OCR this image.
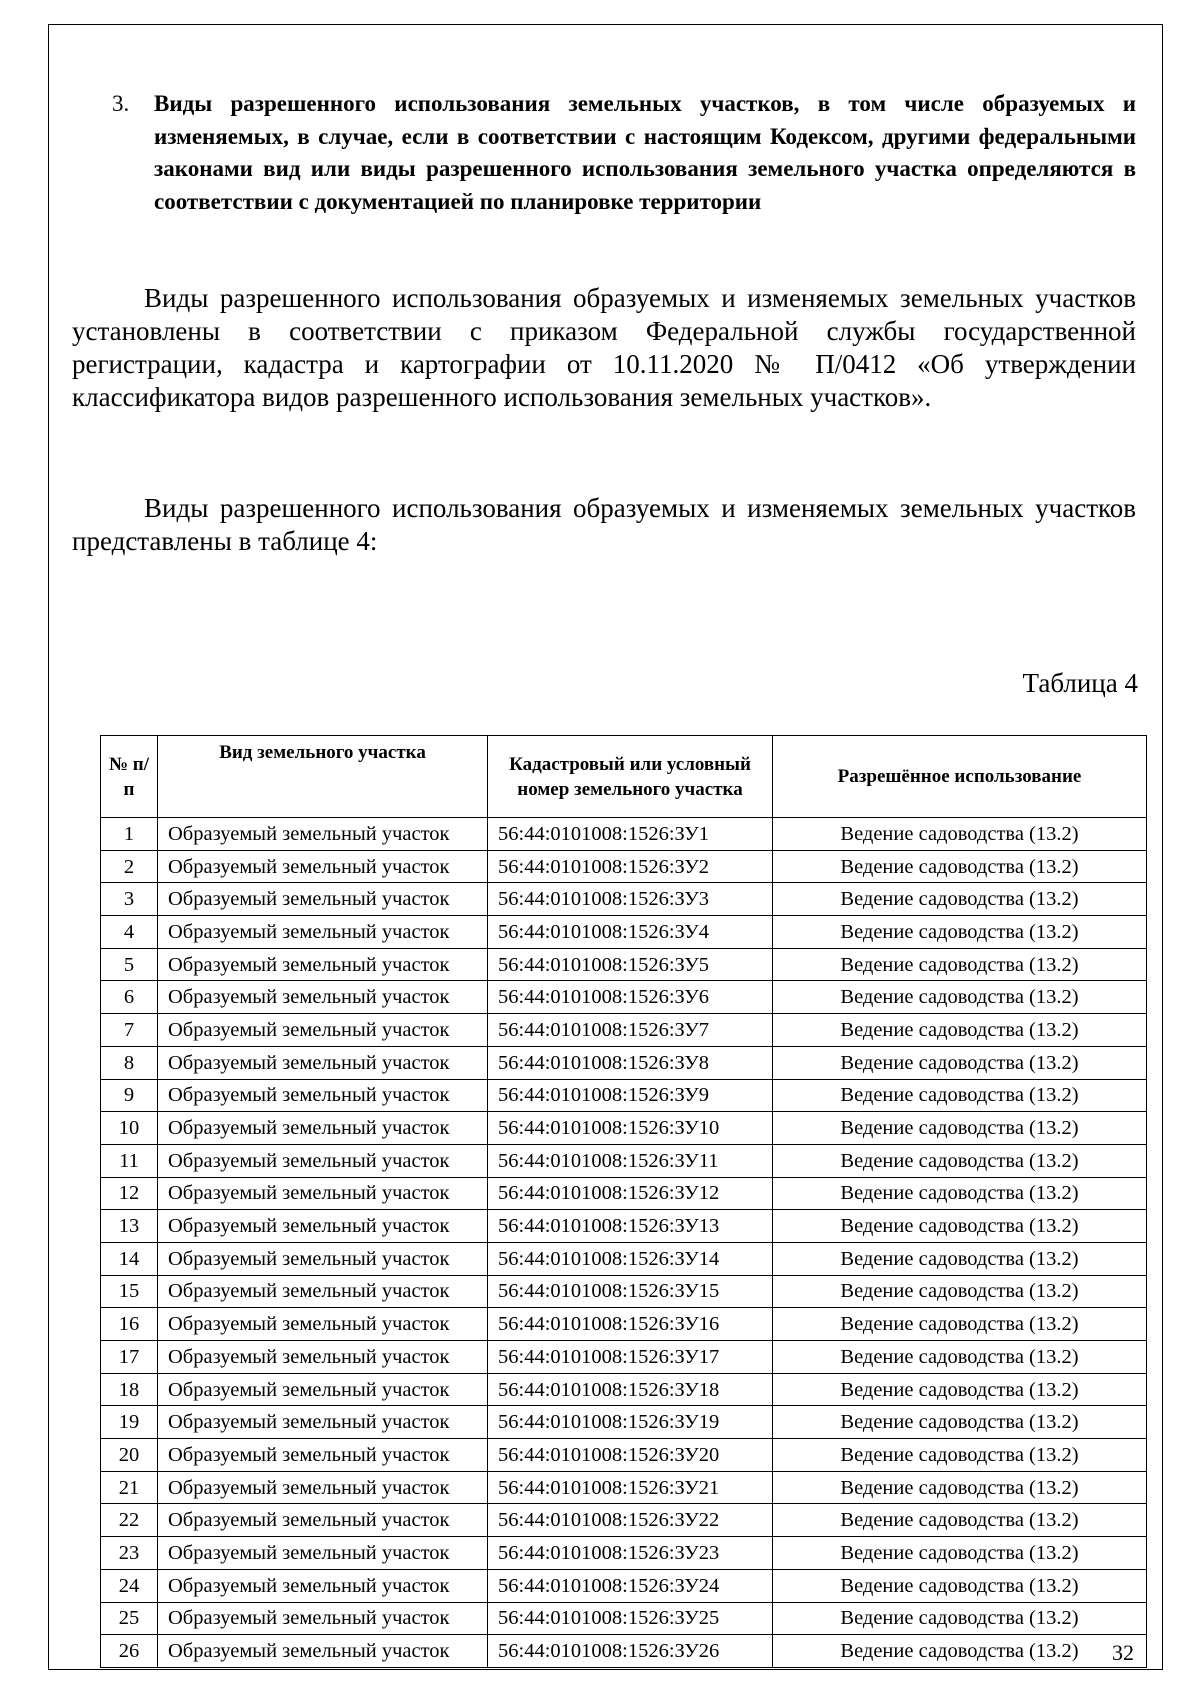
3. Виды разрешенного использования земельных участков, в том числе образуемых и изменяемых, в случае, если в соответствии с настоящим Кодексом, другими федеральными законами вид или виды разрешенного использования земельного участка определяются в соответствии с документацией по планировке территории
Виды разрешенного использования образуемых и изменяемых земельных участков установлены в соответствии с приказом Федеральной службы государственной регистрации, кадастра и картографии от 10.11.2020 № П/0412 «Об утверждении классификатора видов разрешенного использования земельных участков».
Виды разрешенного использования образуемых и изменяемых земельных участков представлены в таблице 4:
Таблица 4
№ п/п	Вид земельного участка	Кадастровый или условный номер земельного участка	Разрешённое использование
1	Образуемый земельный участок	56:44:0101008:1526:ЗУ1	Ведение садоводства (13.2)
2	Образуемый земельный участок	56:44:0101008:1526:ЗУ2	Ведение садоводства (13.2)
3	Образуемый земельный участок	56:44:0101008:1526:ЗУ3	Ведение садоводства (13.2)
4	Образуемый земельный участок	56:44:0101008:1526:ЗУ4	Ведение садоводства (13.2)
5	Образуемый земельный участок	56:44:0101008:1526:ЗУ5	Ведение садоводства (13.2)
6	Образуемый земельный участок	56:44:0101008:1526:ЗУ6	Ведение садоводства (13.2)
7	Образуемый земельный участок	56:44:0101008:1526:ЗУ7	Ведение садоводства (13.2)
8	Образуемый земельный участок	56:44:0101008:1526:ЗУ8	Ведение садоводства (13.2)
9	Образуемый земельный участок	56:44:0101008:1526:ЗУ9	Ведение садоводства (13.2)
10	Образуемый земельный участок	56:44:0101008:1526:ЗУ10	Ведение садоводства (13.2)
11	Образуемый земельный участок	56:44:0101008:1526:ЗУ11	Ведение садоводства (13.2)
12	Образуемый земельный участок	56:44:0101008:1526:ЗУ12	Ведение садоводства (13.2)
13	Образуемый земельный участок	56:44:0101008:1526:ЗУ13	Ведение садоводства (13.2)
14	Образуемый земельный участок	56:44:0101008:1526:ЗУ14	Ведение садоводства (13.2)
15	Образуемый земельный участок	56:44:0101008:1526:ЗУ15	Ведение садоводства (13.2)
16	Образуемый земельный участок	56:44:0101008:1526:ЗУ16	Ведение садоводства (13.2)
17	Образуемый земельный участок	56:44:0101008:1526:ЗУ17	Ведение садоводства (13.2)
18	Образуемый земельный участок	56:44:0101008:1526:ЗУ18	Ведение садоводства (13.2)
19	Образуемый земельный участок	56:44:0101008:1526:ЗУ19	Ведение садоводства (13.2)
20	Образуемый земельный участок	56:44:0101008:1526:ЗУ20	Ведение садоводства (13.2)
21	Образуемый земельный участок	56:44:0101008:1526:ЗУ21	Ведение садоводства (13.2)
22	Образуемый земельный участок	56:44:0101008:1526:ЗУ22	Ведение садоводства (13.2)
23	Образуемый земельный участок	56:44:0101008:1526:ЗУ23	Ведение садоводства (13.2)
24	Образуемый земельный участок	56:44:0101008:1526:ЗУ24	Ведение садоводства (13.2)
25	Образуемый земельный участок	56:44:0101008:1526:ЗУ25	Ведение садоводства (13.2)
26	Образуемый земельный участок	56:44:0101008:1526:ЗУ26	Ведение садоводства (13.2) 32
